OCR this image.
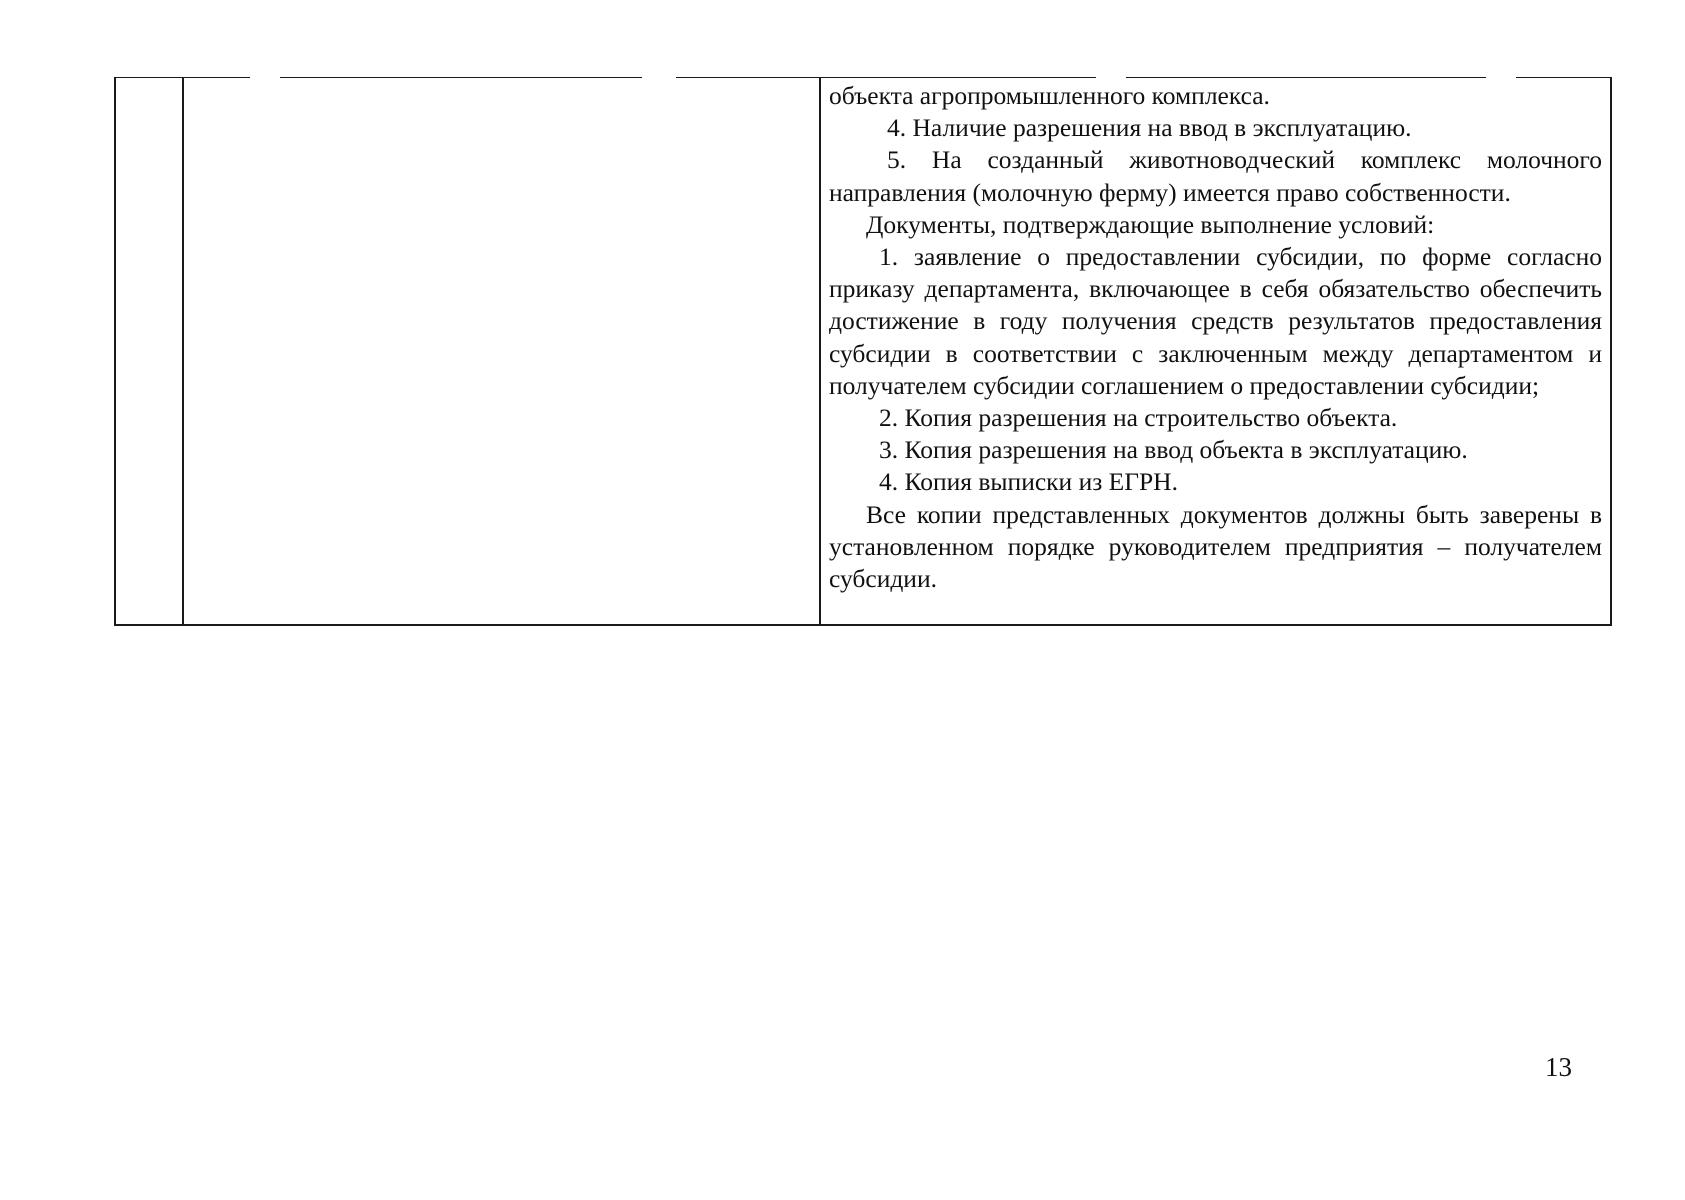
объекта агропромышленного комплекса.

4. Наличие разрешения на ввод в эксплуатацию.

5. На созданный животноводческий комплекс молочного направления (молочную ферму) имеется право собственности.

Документы, подтверждающие выполнение условий:

1. заявление о предоставлении субсидии, по форме согласно приказу департамента, включающее в себя обязательство обеспечить достижение в году получения средств результатов предоставления субсидии в соответствии с заключенным между департаментом и получателем субсидии соглашением о предоставлении субсидии;

2. Копия разрешения на строительство объекта.

3. Копия разрешения на ввод объекта в эксплуатацию.

4. Копия выписки из ЕГРН.

Все копии представленных документов должны быть заверены в установленном порядке руководителем предприятия – получателем субсидии.

13
